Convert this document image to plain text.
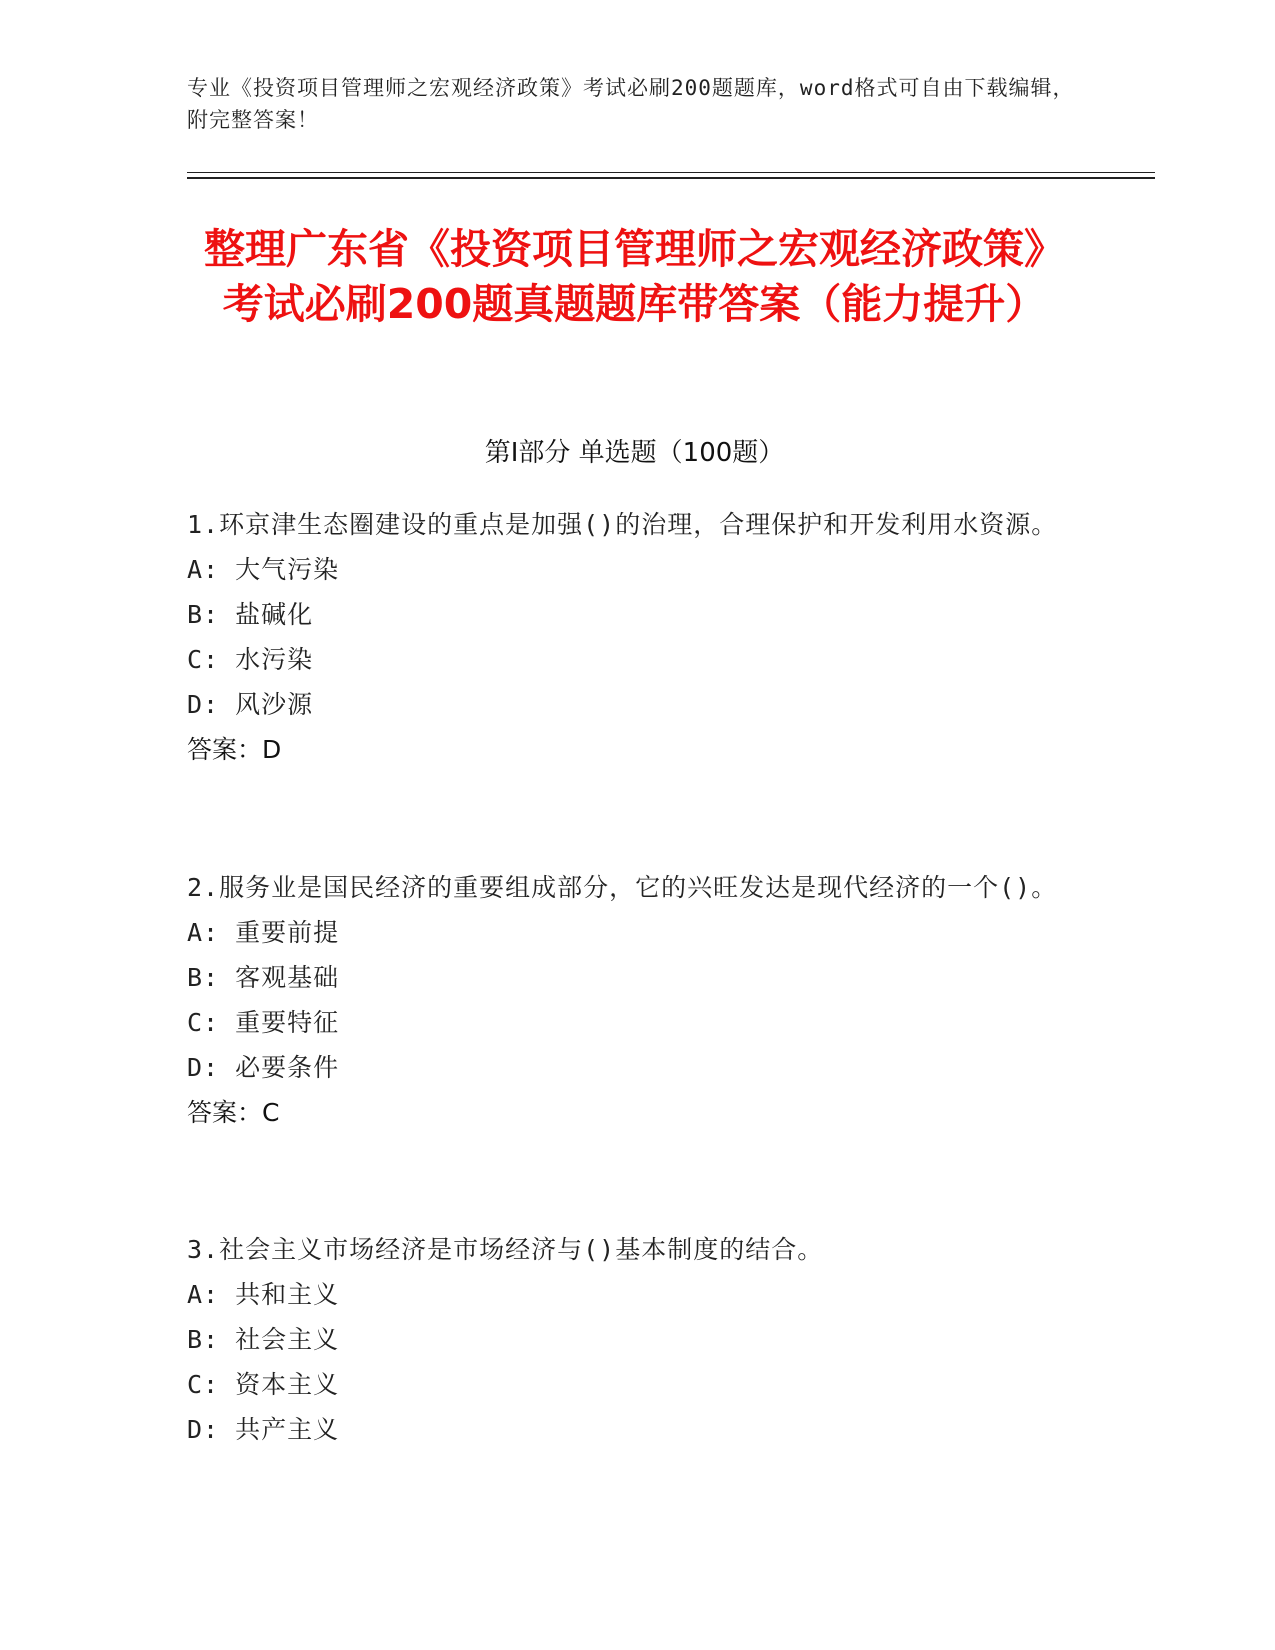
专业《投资项目管理师之宏观经济政策》考试必刷200题题库，word格式可自由下载编辑，附完整答案！
整理广东省《投资项目管理师之宏观经济政策》考试必刷200题真题题库带答案（能力提升）
第Ⅰ部分 单选题（100题）
1.环京津生态圈建设的重点是加强()的治理，合理保护和开发利用水资源。
A: 大气污染
B: 盐碱化
C: 水污染
D: 风沙源
答案：D
2.服务业是国民经济的重要组成部分，它的兴旺发达是现代经济的一个()。
A: 重要前提
B: 客观基础
C: 重要特征
D: 必要条件
答案：C
3.社会主义市场经济是市场经济与()基本制度的结合。
A: 共和主义
B: 社会主义
C: 资本主义
D: 共产主义
